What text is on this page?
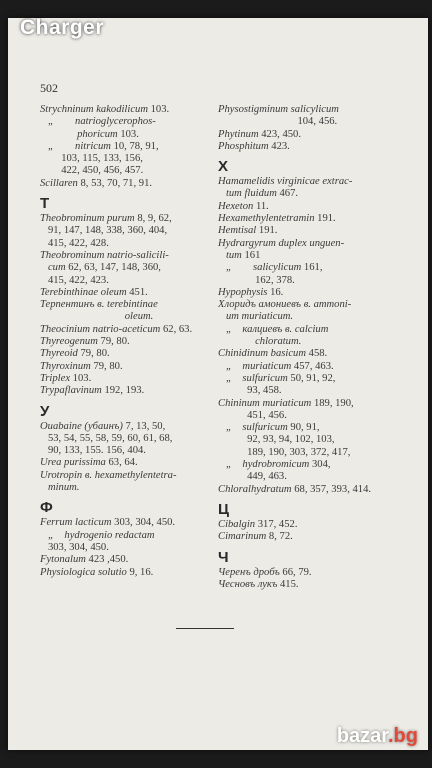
502
Strychninum kakodilicum 103.
„        natrioglycerophos-
phoricum 103.
„        nitricum 10, 78, 91,
103, 115, 133, 156,
422, 450, 456, 457.
Scillaren 8, 53, 70, 71, 91.
Т
Theobrominum purum 8, 9, 62,
91, 147, 148, 338, 360, 404,
415, 422, 428.
Theobrominum natrio-salicili-
cum 62, 63, 147, 148, 360,
415, 422, 423.
Terebinthinae oleum 451.
Терпентинъ в. terebintinae
oleum.
Theocinium natrio-aceticum 62, 63.
Thyreogenum 79, 80.
Thyreoid 79, 80.
Thyroxinum 79, 80.
Triplex 103.
Trypaflavinum 192, 193.
У
Ouabaine (убаинъ) 7, 13, 50,
53, 54, 55, 58, 59, 60, 61, 68,
90, 133, 155. 156, 404.
Urea purissima 63, 64.
Urotropin в. hexamethylentetra-
minum.
Ф
Ferrum lacticum 303, 304, 450.
„    hydrogenio redactam
303, 304, 450.
Fytonalum 423 ,450.
Physiologica solutio 9, 16.
Physostigminum salicylicum
104, 456.
Phytinum 423, 450.
Phosphitum 423.
Х
Hamamelidis virginicae extrac-
tum fluidum 467.
Hexeton 11.
Hexamethylentetramin 191.
Hemtisal 191.
Hydrargyrum duplex unguen-
tum 161
„        salicylicum 161,
162, 378.
Hypophysis 16.
Хлоридъ амониевъ в. ammoni-
um muriaticum.
„    калциевъ в. calcium
chloratum.
Chinidinum basicum 458.
„    muriaticum 457, 463.
„    sulfuricum 50, 91, 92,
93, 458.
Chininum muriaticum 189, 190,
451, 456.
„    sulfuricum 90, 91,
92, 93, 94, 102, 103,
189, 190, 303, 372, 417,
„    hydrobromicum 304,
449, 463.
Chloralhydratum 68, 357, 393, 414.
Ц
Cibalgin 317, 452.
Cimarinum 8, 72.
Ч
Черенъ дробъ 66, 79.
Чесновъ лукъ 415.
Charger
bazar.bg
